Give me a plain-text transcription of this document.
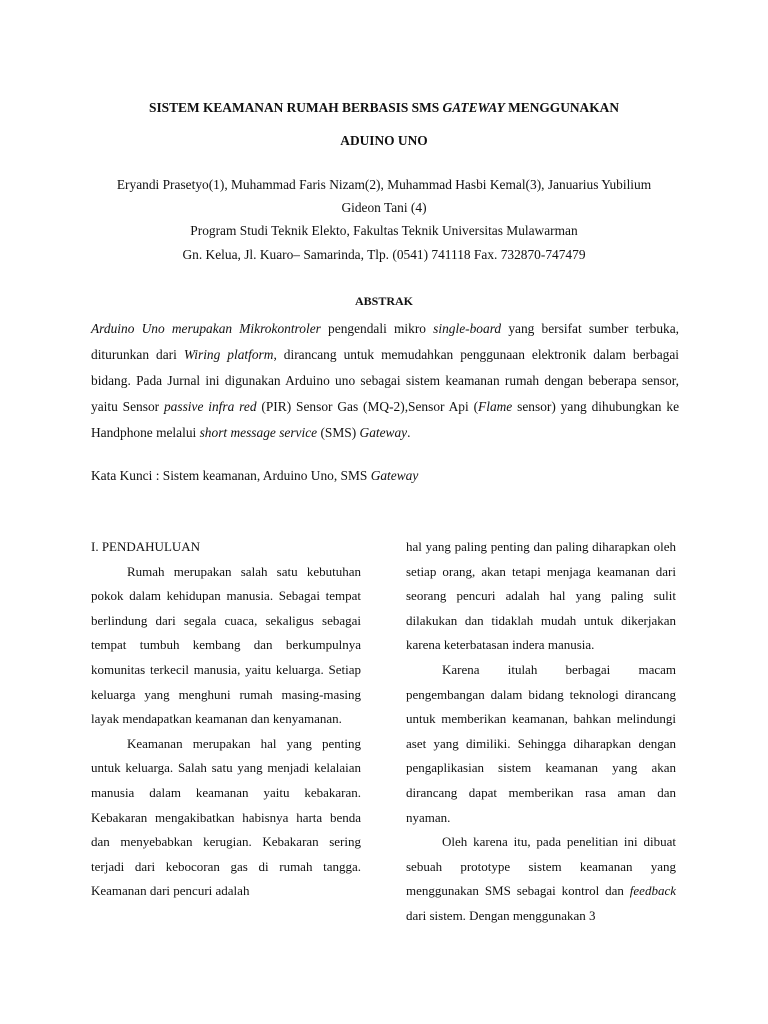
SISTEM KEAMANAN RUMAH BERBASIS SMS GATEWAY MENGGUNAKAN
ADUINO UNO
Eryandi Prasetyo(1), Muhammad Faris Nizam(2), Muhammad Hasbi Kemal(3), Januarius Yubilium
Gideon Tani (4)
Program Studi Teknik Elekto, Fakultas Teknik Universitas Mulawarman
Gn. Kelua, Jl. Kuaro– Samarinda, Tlp. (0541) 741118 Fax. 732870-747479
ABSTRAK
Arduino Uno merupakan Mikrokontroler pengendali mikro single-board yang bersifat sumber terbuka, diturunkan dari Wiring platform, dirancang untuk memudahkan penggunaan elektronik dalam berbagai bidang. Pada Jurnal ini digunakan Arduino uno sebagai sistem keamanan rumah dengan beberapa sensor, yaitu Sensor passive infra red (PIR) Sensor Gas (MQ-2),Sensor Api (Flame sensor) yang dihubungkan ke Handphone melalui short message service (SMS) Gateway.
Kata Kunci : Sistem keamanan, Arduino Uno, SMS Gateway

I. PENDAHULUAN

Rumah merupakan salah satu kebutuhan pokok dalam kehidupan manusia. Sebagai tempat berlindung dari segala cuaca, sekaligus sebagai tempat tumbuh kembang dan berkumpulnya komunitas terkecil manusia, yaitu keluarga. Setiap keluarga yang menghuni rumah masing-masing layak mendapatkan keamanan dan kenyamanan.

Keamanan merupakan hal yang penting untuk keluarga. Salah satu yang menjadi kelalaian manusia dalam keamanan yaitu kebakaran. Kebakaran mengakibatkan habisnya harta benda dan menyebabkan kerugian. Kebakaran sering terjadi dari kebocoran gas di rumah tangga. Keamanan dari pencuri adalah

hal yang paling penting dan paling diharapkan oleh setiap orang, akan tetapi menjaga keamanan dari seorang pencuri adalah hal yang paling sulit dilakukan dan tidaklah mudah untuk dikerjakan karena keterbatasan indera manusia.

Karena itulah berbagai macam pengembangan dalam bidang teknologi dirancang untuk memberikan keamanan, bahkan melindungi aset yang dimiliki. Sehingga diharapkan dengan pengaplikasian sistem keamanan yang akan dirancang dapat memberikan rasa aman dan nyaman.

Oleh karena itu, pada penelitian ini dibuat sebuah prototype sistem keamanan yang menggunakan SMS sebagai kontrol dan feedback dari sistem. Dengan menggunakan 3
